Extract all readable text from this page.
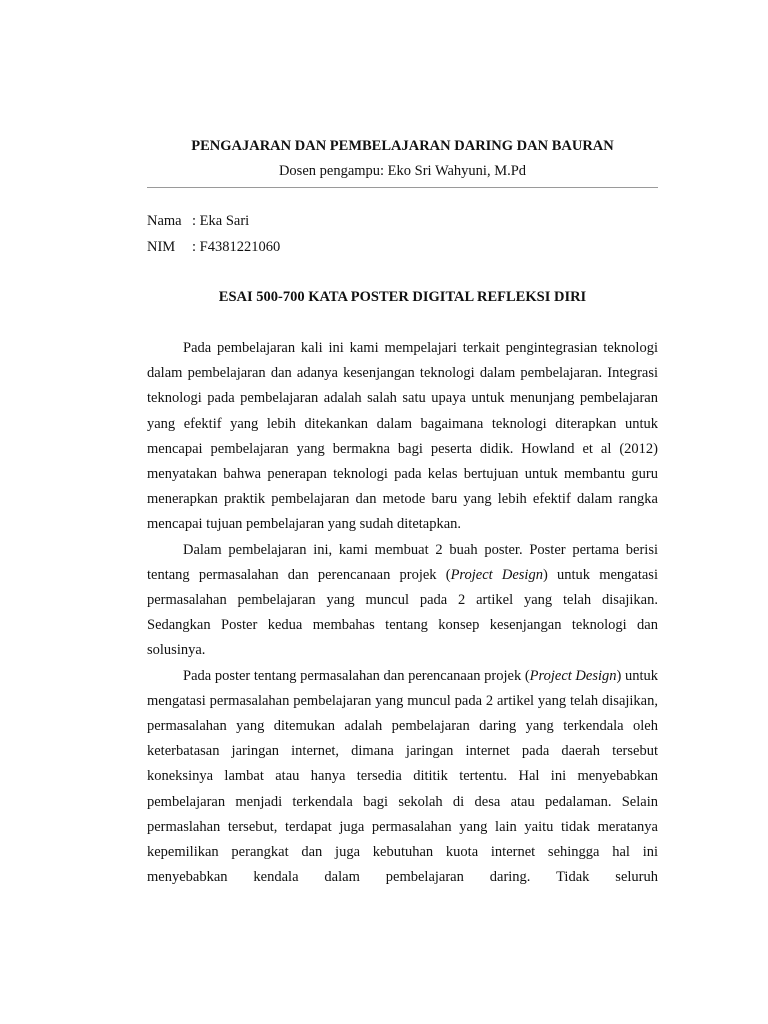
PENGAJARAN DAN PEMBELAJARAN DARING DAN BAURAN
Dosen pengampu: Eko Sri Wahyuni, M.Pd
Nama : Eka Sari
NIM : F4381221060
ESAI 500-700 KATA POSTER DIGITAL REFLEKSI DIRI

Pada pembelajaran kali ini kami mempelajari terkait pengintegrasian teknologi dalam pembelajaran dan adanya kesenjangan teknologi dalam pembelajaran. Integrasi teknologi pada pembelajaran adalah salah satu upaya untuk menunjang pembelajaran yang efektif yang lebih ditekankan dalam bagaimana teknologi diterapkan untuk mencapai pembelajaran yang bermakna bagi peserta didik. Howland et al (2012) menyatakan bahwa penerapan teknologi pada kelas bertujuan untuk membantu guru menerapkan praktik pembelajaran dan metode baru yang lebih efektif dalam rangka mencapai tujuan pembelajaran yang sudah ditetapkan.

Dalam pembelajaran ini, kami membuat 2 buah poster. Poster pertama berisi tentang permasalahan dan perencanaan projek (Project Design) untuk mengatasi permasalahan pembelajaran yang muncul pada 2 artikel yang telah disajikan. Sedangkan Poster kedua membahas tentang konsep kesenjangan teknologi dan solusinya.

Pada poster tentang permasalahan dan perencanaan projek (Project Design) untuk mengatasi permasalahan pembelajaran yang muncul pada 2 artikel yang telah disajikan, permasalahan yang ditemukan adalah pembelajaran daring yang terkendala oleh keterbatasan jaringan internet, dimana jaringan internet pada daerah tersebut koneksinya lambat atau hanya tersedia dititik tertentu. Hal ini menyebabkan pembelajaran menjadi terkendala bagi sekolah di desa atau pedalaman. Selain permaslahan tersebut, terdapat juga permasalahan yang lain yaitu tidak meratanya kepemilikan perangkat dan juga kebutuhan kuota internet sehingga hal ini menyebabkan kendala dalam pembelajaran daring. Tidak seluruh
